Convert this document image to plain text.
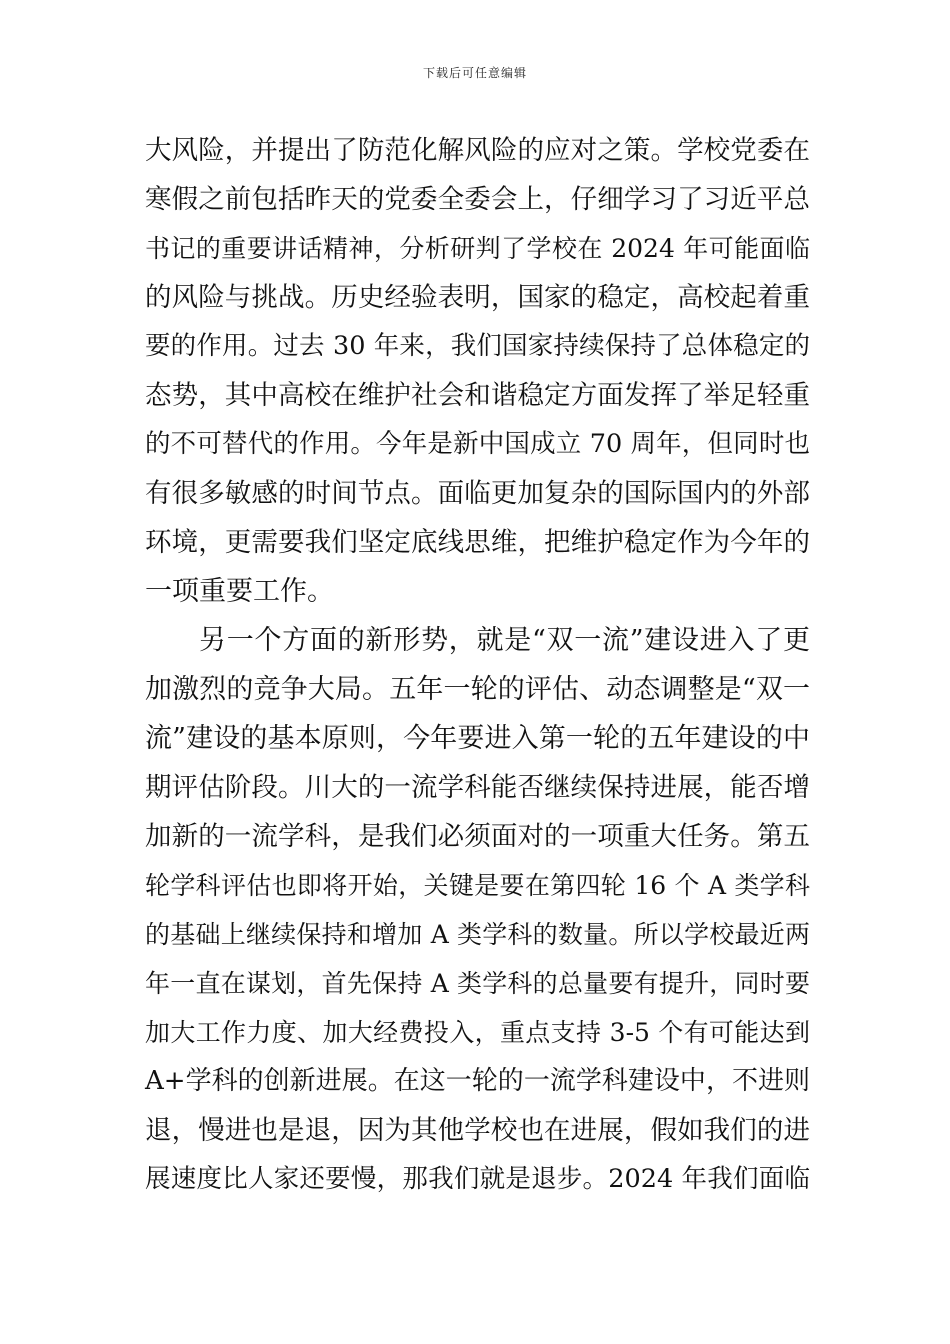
下载后可任意编辑
大风险，并提出了防范化解风险的应对之策。学校党委在
寒假之前包括昨天的党委全委会上，仔细学习了习近平总
书记的重要讲话精神，分析研判了学校在 2024 年可能面临
的风险与挑战。历史经验表明，国家的稳定，高校起着重
要的作用。过去 30 年来，我们国家持续保持了总体稳定的
态势，其中高校在维护社会和谐稳定方面发挥了举足轻重
的不可替代的作用。今年是新中国成立 70 周年，但同时也
有很多敏感的时间节点。面临更加复杂的国际国内的外部
环境，更需要我们坚定底线思维，把维护稳定作为今年的
一项重要工作。
另一个方面的新形势，就是“双一流”建设进入了更
加激烈的竞争大局。五年一轮的评估、动态调整是“双一
流”建设的基本原则，今年要进入第一轮的五年建设的中
期评估阶段。川大的一流学科能否继续保持进展，能否增
加新的一流学科，是我们必须面对的一项重大任务。第五
轮学科评估也即将开始，关键是要在第四轮 16 个 A 类学科
的基础上继续保持和增加 A 类学科的数量。所以学校最近两
年一直在谋划，首先保持 A 类学科的总量要有提升，同时要
加大工作力度、加大经费投入，重点支持 3-5 个有可能达到
A+学科的创新进展。在这一轮的一流学科建设中，不进则
退，慢进也是退，因为其他学校也在进展，假如我们的进
展速度比人家还要慢，那我们就是退步。2024 年我们面临
